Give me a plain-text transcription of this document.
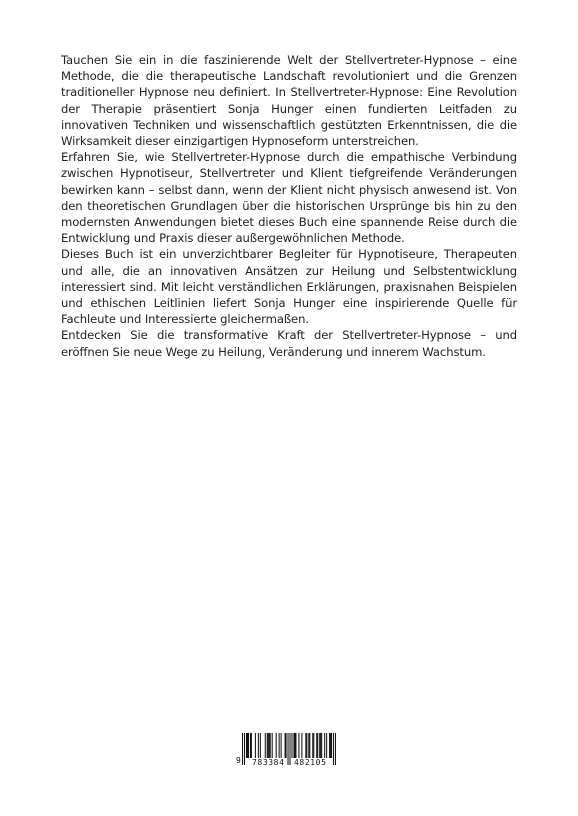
Tauchen Sie ein in die faszinierende Welt der Stellvertreter-Hypnose – eine Methode, die die therapeutische Landschaft revolutioniert und die Grenzen traditioneller Hypnose neu definiert. In Stellvertreter-Hypnose: Eine Revolution der Therapie präsentiert Sonja Hunger einen fundierten Leitfaden zu innovativen Techniken und wissenschaftlich gestützten Erkenntnissen, die die Wirksamkeit dieser einzigartigen Hypnoseform unterstreichen.

Erfahren Sie, wie Stellvertreter-Hypnose durch die empathische Verbindung zwischen Hypnotiseur, Stellvertreter und Klient tiefgreifende Veränderungen bewirken kann – selbst dann, wenn der Klient nicht physisch anwesend ist. Von den theoretischen Grundlagen über die historischen Ursprünge bis hin zu den modernsten Anwendungen bietet dieses Buch eine spannende Reise durch die Entwicklung und Praxis dieser außergewöhnlichen Methode.

Dieses Buch ist ein unverzichtbarer Begleiter für Hypnotiseure, Therapeuten und alle, die an innovativen Ansätzen zur Heilung und Selbstentwicklung interessiert sind. Mit leicht verständlichen Erklärungen, praxisnahen Beispielen und ethischen Leitlinien liefert Sonja Hunger eine inspirierende Quelle für Fachleute und Interessierte gleichermaßen.

Entdecken Sie die transformative Kraft der Stellvertreter-Hypnose – und eröffnen Sie neue Wege zu Heilung, Veränderung und innerem Wachstum.

9 783384 482105
